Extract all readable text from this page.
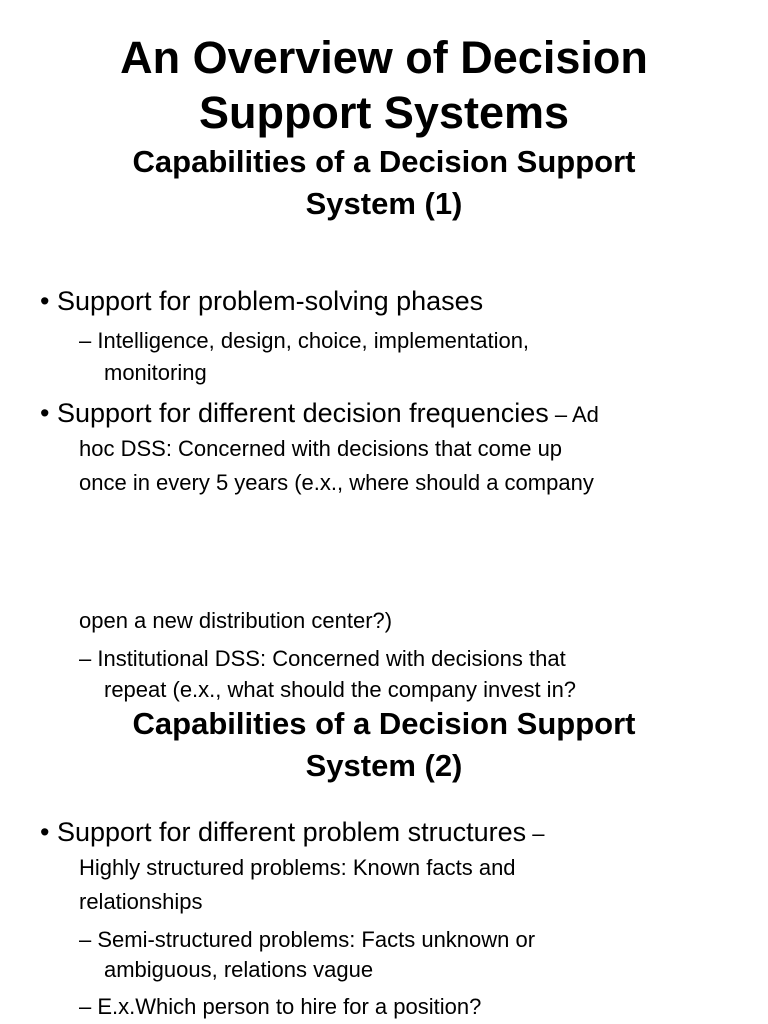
An Overview of Decision
Support Systems
Capabilities of a Decision Support
System (1)
• Support for problem-solving phases
– Intelligence, design, choice, implementation,
monitoring
• Support for different decision frequencies – Ad
hoc DSS: Concerned with decisions that come up
once in every 5 years (e.x., where should a company
open a new distribution center?)
– Institutional DSS: Concerned with decisions that
repeat (e.x., what should the company invest in?
Capabilities of a Decision Support
System (2)
• Support for different problem structures –
Highly structured problems: Known facts and
relationships
– Semi-structured problems: Facts unknown or
ambiguous, relations vague
– E.x.Which person to hire for a position?
